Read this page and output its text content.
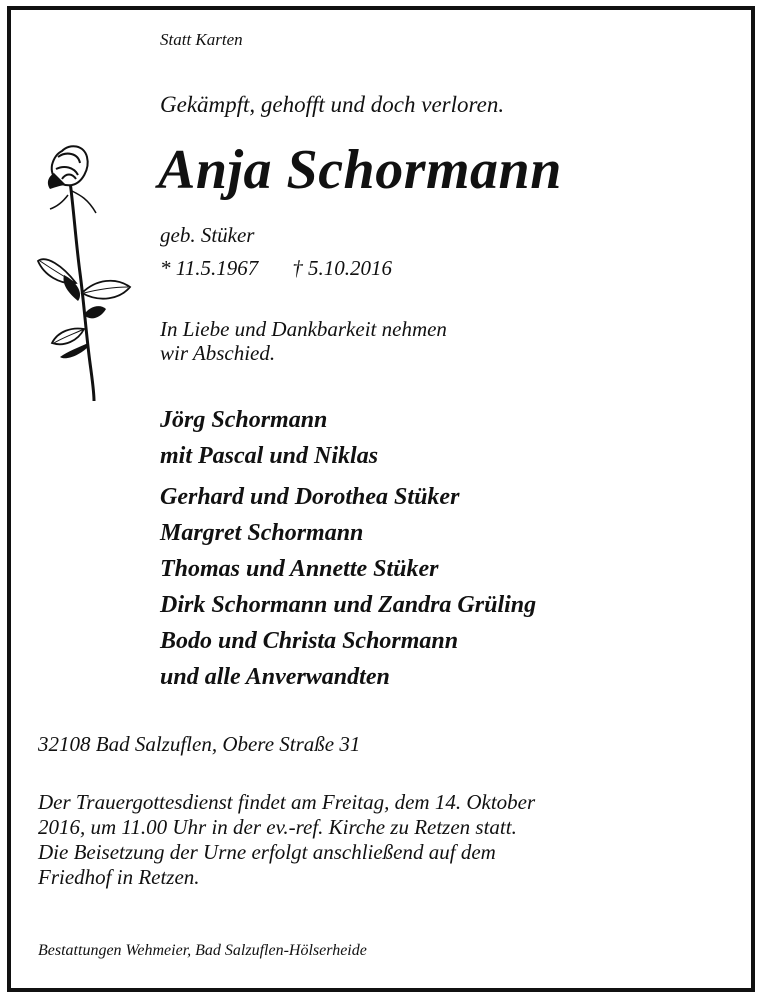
Statt Karten
Gekämpft, gehofft und doch verloren.
Anja Schormann
geb. Stüker
* 11.5.1967 † 5.10.2016
In Liebe und Dankbarkeit nehmen
wir Abschied.
Jörg Schormann
mit Pascal und Niklas
Gerhard und Dorothea Stüker
Margret Schormann
Thomas und Annette Stüker
Dirk Schormann und Zandra Grüling
Bodo und Christa Schormann
und alle Anverwandten
32108 Bad Salzuflen, Obere Straße 31
Der Trauergottesdienst findet am Freitag, dem 14. Oktober
2016, um 11.00 Uhr in der ev.-ref. Kirche zu Retzen statt.
Die Beisetzung der Urne erfolgt anschließend auf dem
Friedhof in Retzen.
Bestattungen Wehmeier, Bad Salzuflen-Hölserheide
